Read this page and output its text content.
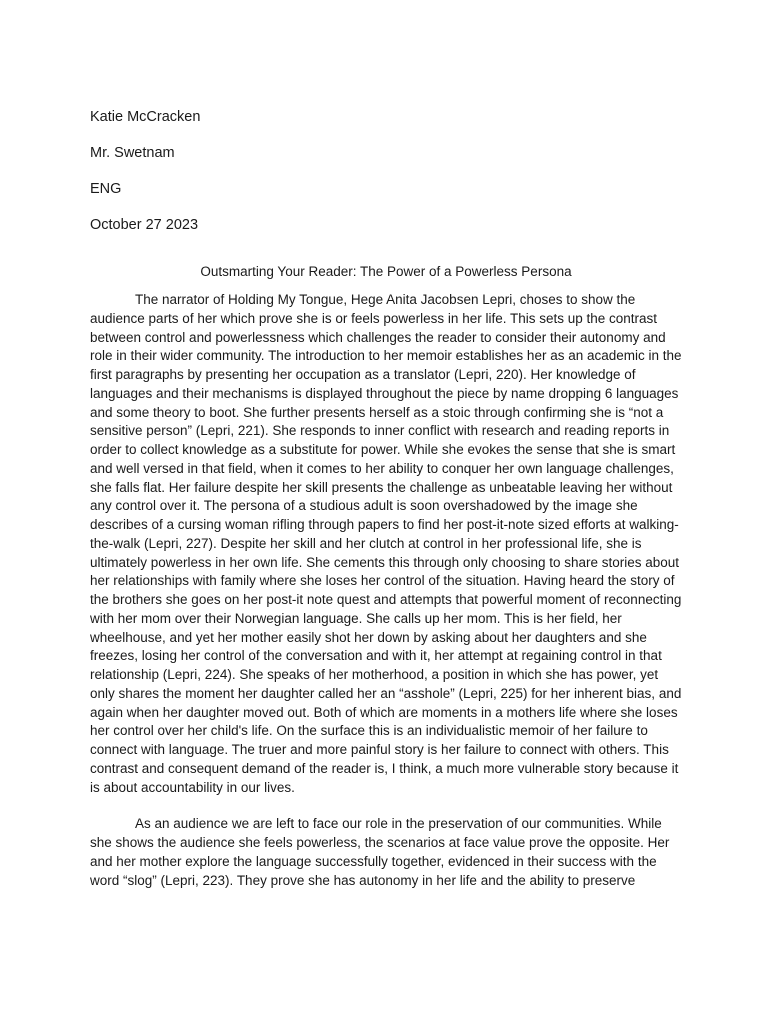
Katie McCracken
Mr. Swetnam
ENG
October 27 2023
Outsmarting Your Reader: The Power of a Powerless Persona

The narrator of Holding My Tongue, Hege Anita Jacobsen Lepri, choses to show the audience parts of her which prove she is or feels powerless in her life. This sets up the contrast between control and powerlessness which challenges the reader to consider their autonomy and role in their wider community. The introduction to her memoir establishes her as an academic in the first paragraphs by presenting her occupation as a translator (Lepri, 220). Her knowledge of languages and their mechanisms is displayed throughout the piece by name dropping 6 languages and some theory to boot. She further presents herself as a stoic through confirming she is “not a sensitive person” (Lepri, 221). She responds to inner conflict with research and reading reports in order to collect knowledge as a substitute for power. While she evokes the sense that she is smart and well versed in that field, when it comes to her ability to conquer her own language challenges, she falls flat. Her failure despite her skill presents the challenge as unbeatable leaving her without any control over it. The persona of a studious adult is soon overshadowed by the image she describes of a cursing woman rifling through papers to find her post-it-note sized efforts at walking-the-walk (Lepri, 227). Despite her skill and her clutch at control in her professional life, she is ultimately powerless in her own life. She cements this through only choosing to share stories about her relationships with family where she loses her control of the situation. Having heard the story of the brothers she goes on her post-it note quest and attempts that powerful moment of reconnecting with her mom over their Norwegian language. She calls up her mom. This is her field, her wheelhouse, and yet her mother easily shot her down by asking about her daughters and she freezes, losing her control of the conversation and with it, her attempt at regaining control in that relationship (Lepri, 224). She speaks of her motherhood, a position in which she has power, yet only shares the moment her daughter called her an “asshole” (Lepri, 225) for her inherent bias, and again when her daughter moved out. Both of which are moments in a mothers life where she loses her control over her child's life. On the surface this is an individualistic memoir of her failure to connect with language. The truer and more painful story is her failure to connect with others. This contrast and consequent demand of the reader is, I think, a much more vulnerable story because it is about accountability in our lives.

As an audience we are left to face our role in the preservation of our communities. While she shows the audience she feels powerless, the scenarios at face value prove the opposite. Her and her mother explore the language successfully together, evidenced in their success with the word “slog” (Lepri, 223). They prove she has autonomy in her life and the ability to preserve
